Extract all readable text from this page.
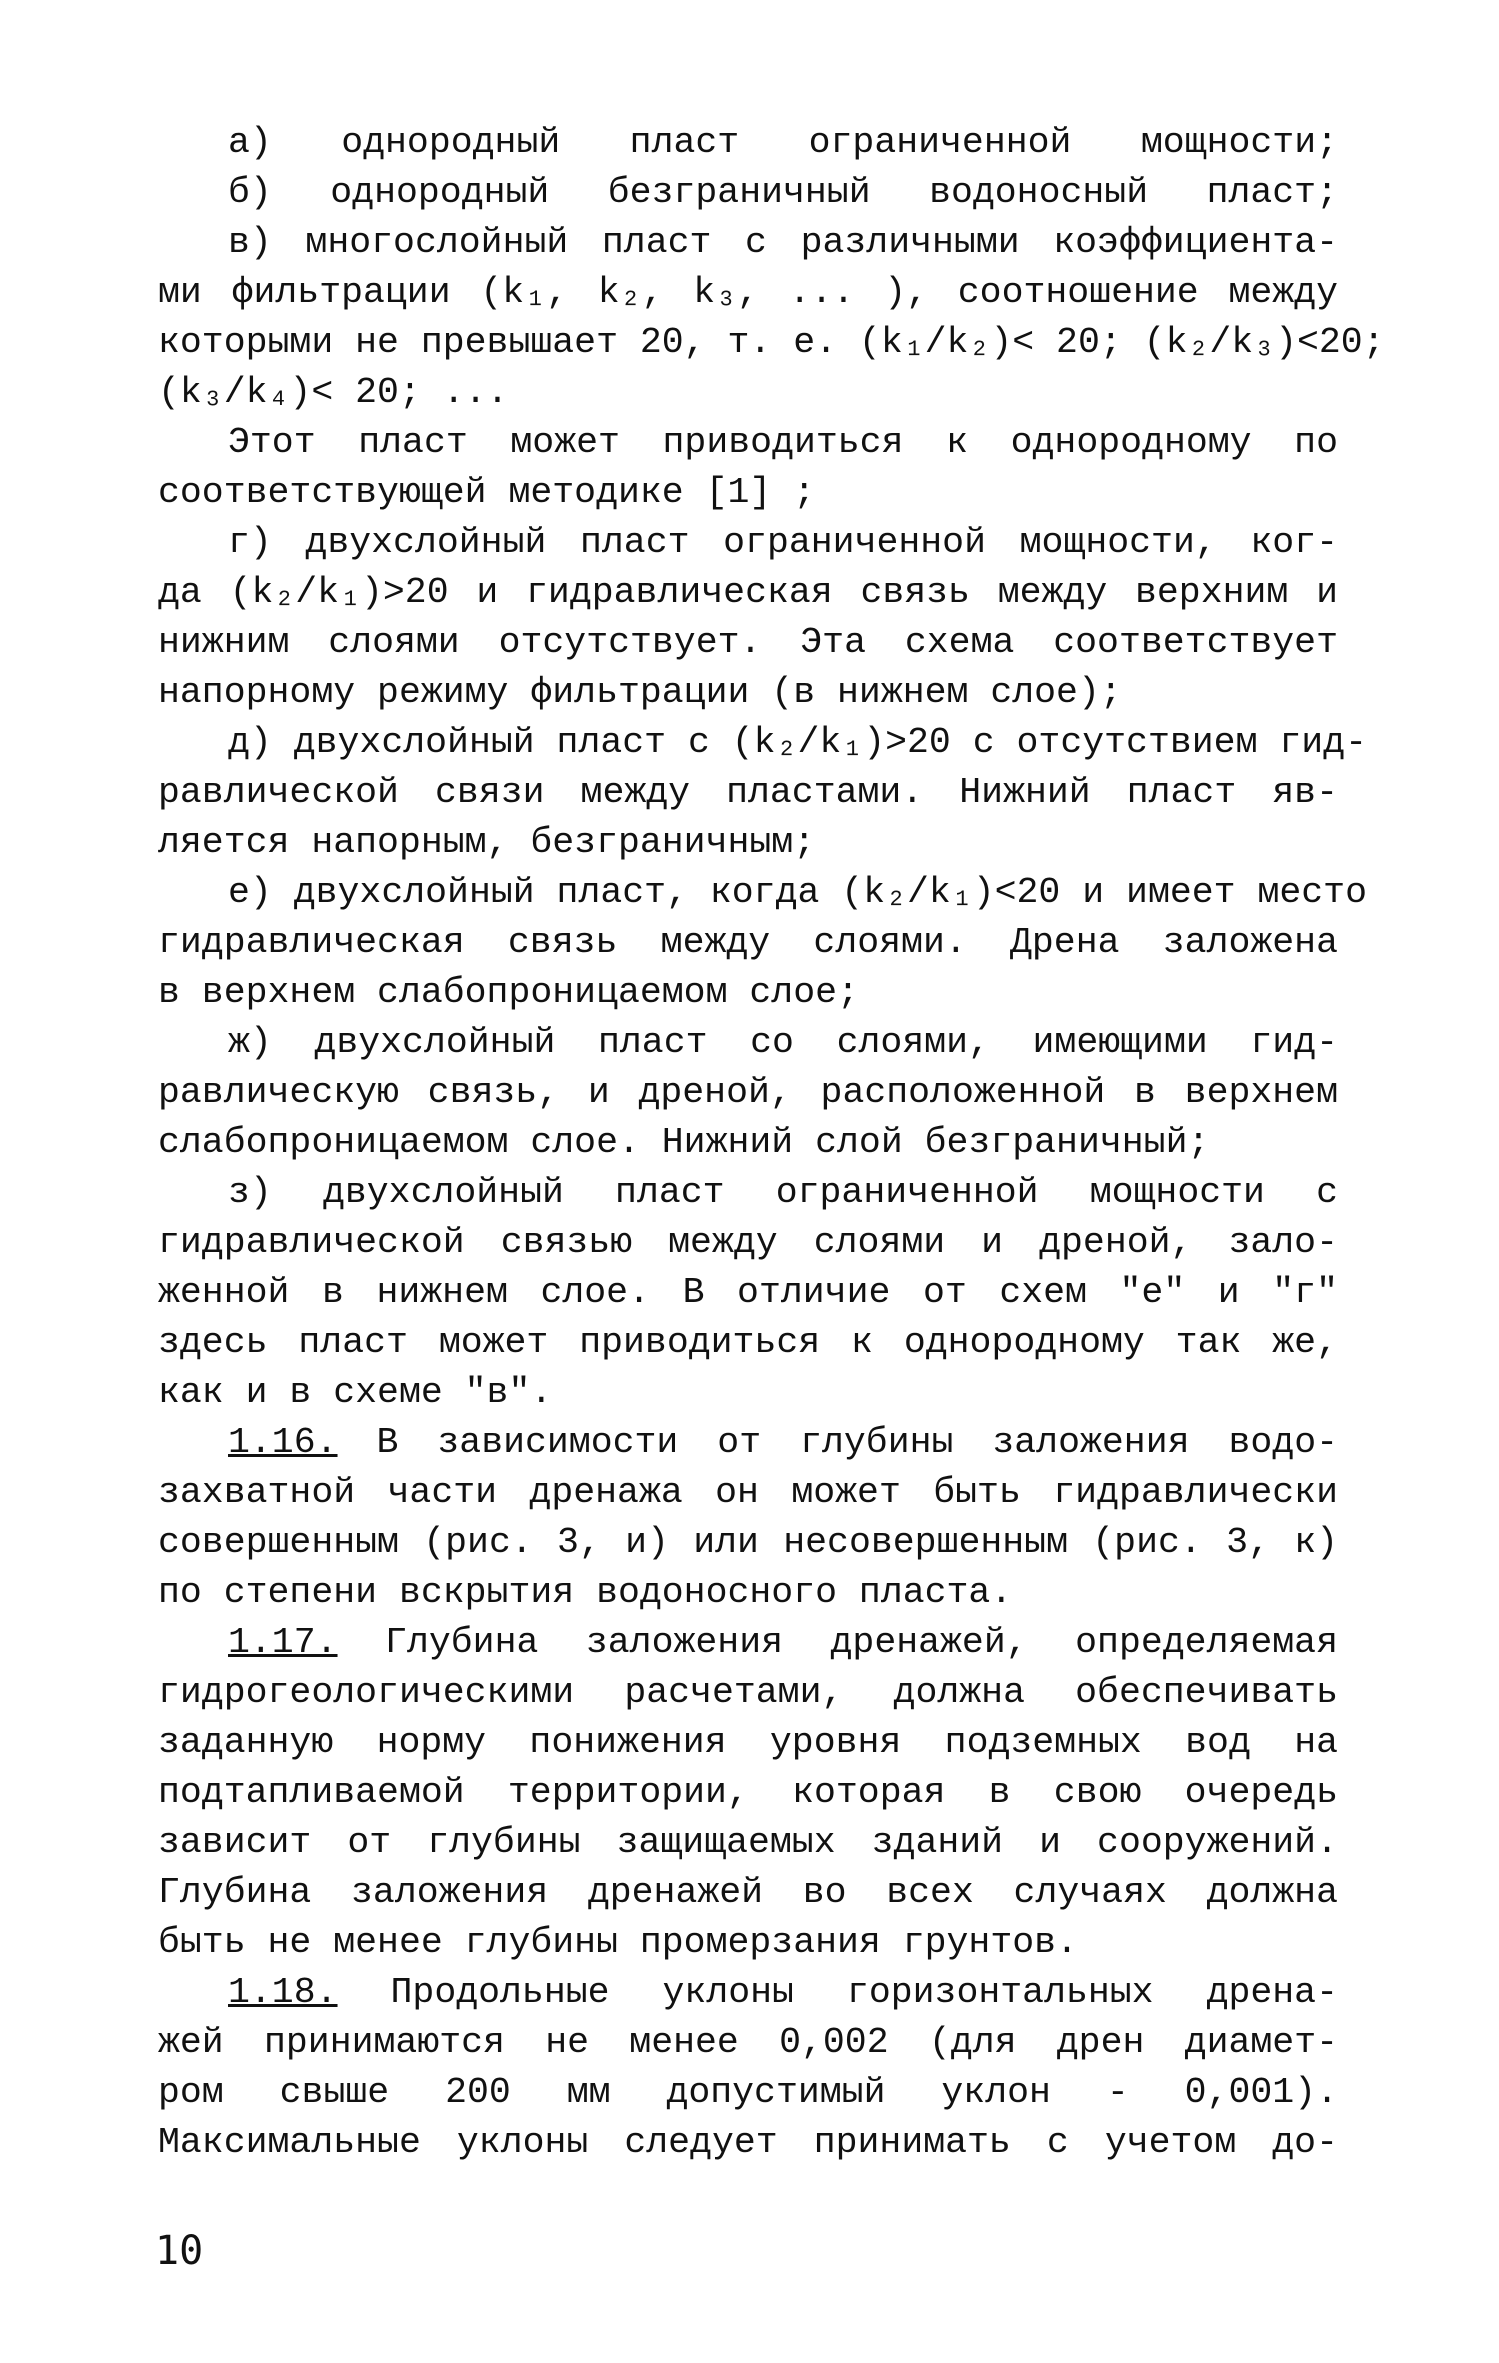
а) однородный пласт ограниченной мощности;
б) однородный безграничный водоносный пласт;
в) многослойный пласт с различными коэффициента-
ми фильтрации (k₁, k₂, k₃, ... ), соотношение между
которыми не превышает 20, т. е. (k₁/k₂)< 20; (k₂/k₃)<20;
(k₃/k₄)< 20; ...
Этот пласт может приводиться к однородному по
соответствующей методике [1] ;
г) двухслойный пласт ограниченной мощности, ког-
да (k₂/k₁)>20 и гидравлическая связь между верхним и
нижним слоями отсутствует. Эта схема соответствует
напорному режиму фильтрации (в нижнем слое);
д) двухслойный пласт с (k₂/k₁)>20 с отсутствием гид-
равлической связи между пластами. Нижний пласт яв-
ляется напорным, безграничным;
е) двухслойный пласт, когда (k₂/k₁)<20 и имеет место
гидравлическая связь между слоями. Дрена заложена
в верхнем слабопроницаемом слое;
ж) двухслойный пласт со слоями, имеющими гид-
равлическую связь, и дреной, расположенной в верхнем
слабопроницаемом слое. Нижний слой безграничный;
з) двухслойный пласт ограниченной мощности с
гидравлической связью между слоями и дреной, зало-
женной в нижнем слое. В отличие от схем "е" и "г"
здесь пласт может приводиться к однородному так же,
как и в схеме "в".
1.16. В зависимости от глубины заложения водо-
захватной части дренажа он может быть гидравлически
совершенным (рис. 3, и) или несовершенным (рис. 3, к)
по степени вскрытия водоносного пласта.
1.17. Глубина заложения дренажей, определяемая
гидрогеологическими расчетами, должна обеспечивать
заданную норму понижения уровня подземных вод на
подтапливаемой территории, которая в свою очередь
зависит от глубины защищаемых зданий и сооружений.
Глубина заложения дренажей во всех случаях должна
быть не менее глубины промерзания грунтов.
1.18. Продольные уклоны горизонтальных дрена-
жей принимаются не менее 0,002 (для дрен диамет-
ром свыше 200 мм допустимый уклон - 0,001).
Максимальные уклоны следует принимать с учетом до-
10
